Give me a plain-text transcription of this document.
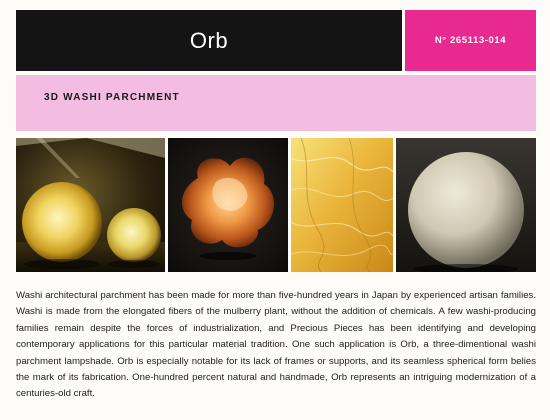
Orb	N° 265113-014
3D WASHI PARCHMENT

Washi architectural parchment has been made for more than five-hundred years in Japan by experienced artisan families. Washi is made from the elongated fibers of the mulberry plant, without the addition of chemicals. A few washi-producing families remain despite the forces of industrialization, and Precious Pieces has been identifying and developing contemporary applications for this particular material tradition. One such application is Orb, a three-dimentional washi parchment lampshade. Orb is especially notable for its lack of frames or supports, and its seamless spherical form belies the mark of its fabrication. One-hundred percent natural and handmade, Orb represents an intriguing modernization of a centuries-old craft.
